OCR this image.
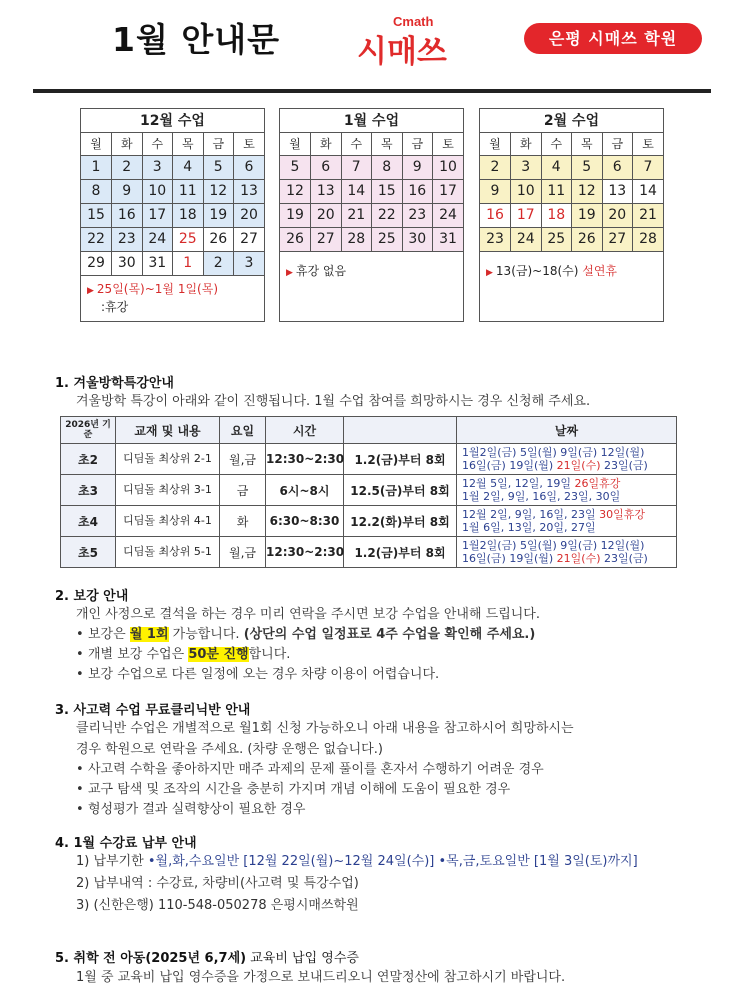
1월 안내문	Cmath
시매쓰	은평 시매쓰 학원
12월 수업
월	화	수	목	금	토
1	2	3	4	5	6
8	9	10	11	12	13
15	16	17	18	19	20
22	23	24	25	26	27
29	30	31	1	2	3
▶ 25일(목)~1월 1일(목)
:휴강
1월 수업
월	화	수	목	금	토
5	6	7	8	9	10
12	13	14	15	16	17
19	20	21	22	23	24
26	27	28	25	30	31
▶ 휴강 없음
2월 수업
월	화	수	목	금	토
2	3	4	5	6	7
9	10	11	12	13	14
16	17	18	19	20	21
23	24	25	26	27	28
▶ 13(금)~18(수) 설연휴
1. 겨울방학특강안내
겨울방학 특강이 아래와 같이 진행됩니다. 1월 수업 참여를 희망하시는 경우 신청해 주세요.
2026년 기준	교재 및 내용	요일	시간		날짜
초2	디딤돌 최상위 2-1	월,금	12:30~2:30	1.2(금)부터 8회	1월2일(금) 5일(월) 9일(금) 12일(월)
16일(금) 19일(월) 21일(수) 23일(금)

초3	디딤돌 최상위 3-1	금	6시~8시	12.5(금)부터 8회	12월 5일, 12일, 19일 26일휴강
1월 2일, 9일, 16일, 23일, 30일

초4	디딤돌 최상위 4-1	화	6:30~8:30	12.2(화)부터 8회	12월 2일, 9일, 16일, 23일 30일휴강
1월 6일, 13일, 20일, 27일

초5	디딤돌 최상위 5-1	월,금	12:30~2:30	1.2(금)부터 8회	1월2일(금) 5일(월) 9일(금) 12일(월)
16일(금) 19일(월) 21일(수) 23일(금)
2. 보강 안내
개인 사정으로 결석을 하는 경우 미리 연락을 주시면 보강 수업을 안내해 드립니다.
• 보강은 월 1회 가능합니다. (상단의 수업 일정표로 4주 수업을 확인해 주세요.)
• 개별 보강 수업은 50분 진행합니다.
• 보강 수업으로 다른 일정에 오는 경우 차량 이용이 어렵습니다.
3. 사고력 수업 무료클리닉반 안내
클리닉반 수업은 개별적으로 월1회 신청 가능하오니 아래 내용을 참고하시어 희망하시는
경우 학원으로 연락을 주세요. (차량 운행은 없습니다.)
• 사고력 수학을 좋아하지만 매주 과제의 문제 풀이를 혼자서 수행하기 어려운 경우
• 교구 탐색 및 조작의 시간을 충분히 가지며 개념 이해에 도움이 필요한 경우
• 형성평가 결과 실력향상이 필요한 경우
4. 1월 수강료 납부 안내
1) 납부기한 •월,화,수요일반 [12월 22일(월)~12월 24일(수)] •목,금,토요일반 [1월 3일(토)까지]
2) 납부내역 : 수강료, 차량비(사고력 및 특강수업)
3) (신한은행) 110-548-050278 은평시매쓰학원
5. 취학 전 아동(2025년 6,7세) 교육비 납입 영수증
1월 중 교육비 납입 영수증을 가정으로 보내드리오니 연말정산에 참고하시기 바랍니다.
